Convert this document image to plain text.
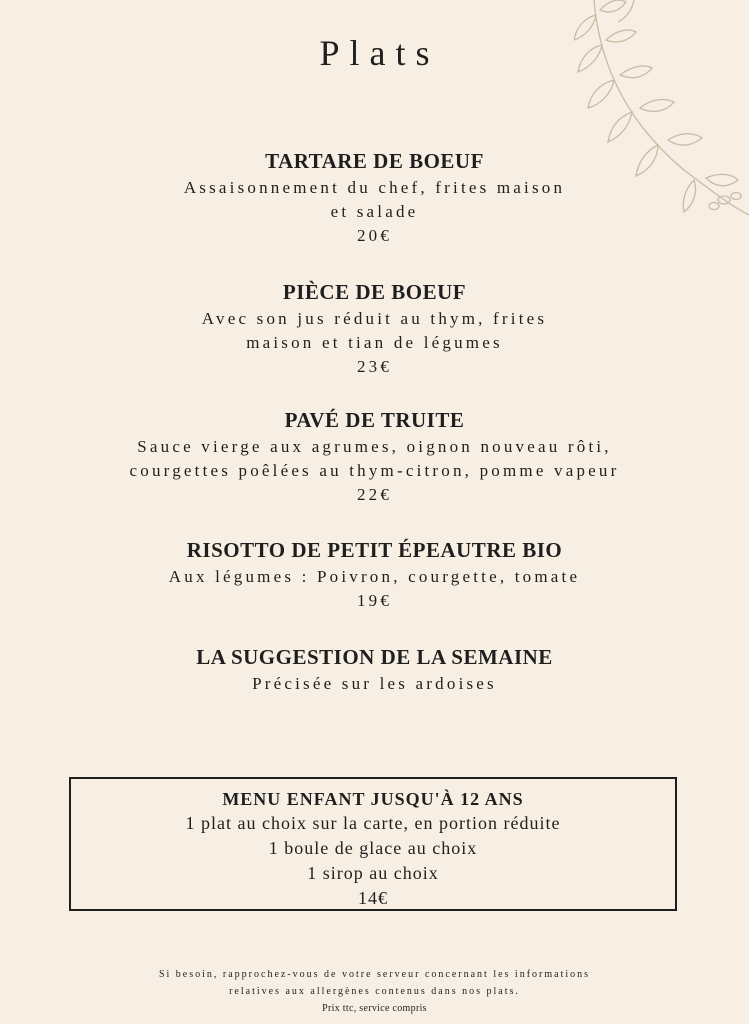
Plats
TARTARE DE BOEUF
Assaisonnement du chef, frites maison
et salade
20€
PIÈCE DE BOEUF
Avec son jus réduit au thym, frites
maison et tian de légumes
23€
PAVÉ DE TRUITE
Sauce vierge aux agrumes, oignon nouveau rôti,
courgettes poêlées au thym-citron, pomme vapeur
22€
RISOTTO DE PETIT ÉPEAUTRE BIO
Aux légumes : Poivron, courgette, tomate
19€
LA SUGGESTION DE LA SEMAINE
Précisée sur les ardoises
MENU ENFANT JUSQU'À 12 ANS
1 plat au choix sur la carte, en portion réduite
1 boule de glace au choix
1 sirop au choix
14€
Si besoin, rapprochez-vous de votre serveur concernant les informations
relatives aux allergènes contenus dans nos plats.
Prix ttc, service compris
